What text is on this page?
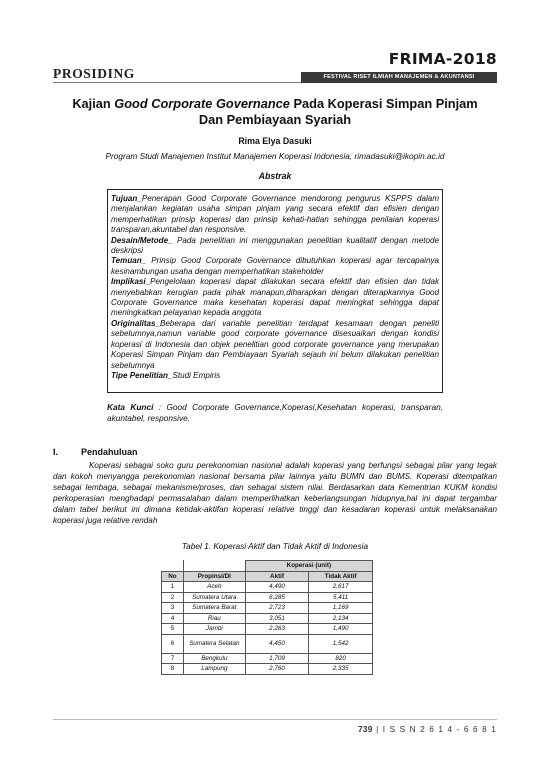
PROSIDING
FRIMA-2018
FESTIVAL RISET ILMIAH MANAJEMEN & AKUNTANSI
Kajian Good Corporate Governance Pada Koperasi Simpan Pinjam
Dan Pembiayaan Syariah
Rima Elya Dasuki
Program Studi Manajemen Institut Manajemen Koperasi Indonesia, rimadasuki@ikopin.ac.id
Abstrak

Tujuan_Penerapan Good Corporate Governance mendorong pengurus KSPPS dalam menjalankan kegiatan usaha simpan pinjam yang secara efektif dan efisien dengan memperhatikan prinsip koperasi dan prinsip kehati-hatian sehingga penilaian koperasi transparan,akuntabel dan responsive.

Desain/Metode_ Pada penelitian ini menggunakan penelitian kualitatif dengan metode deskripsi

Temuan_ Prinsip Good Corporate Governance dibutuhkan koperasi agar tercapainya kesinambungan usaha dengan memperhatikan stakeholder

Implikasi_Pengelolaan koperasi dapat dilakukan secara efektif dan efisien dan tidak menyebabkan kerugian pada pihak manapun,diharapkan dengan diterapkannya Good Corporate Governance maka kesehatan koperasi dapat meningkat sehingga dapat meningkatkan pelayanan kepada anggota

Originalitas_Beberapa dari variable penelitian terdapat kesamaan dengan peneliti sebelumnya,namun variable good corporate governance disesuaikan dengan kondisi koperasi di Indonesia dan objek penelitian good corporate governance yang merupakan Koperasi Simpan Pinjam dan Pembiayaan Syariah sejauh ini belum dilakukan penelitian sebelumnya

Tipe Penelitian_Studi Empiris

Kata Kunci : Good Corporate Governance,Koperasi,Kesehatan koperasi, transparan, akuntabel, responsive.
I.	Pendahuluan

Koperasi sebagai soko guru perekonomian nasional adalah koperasi yang berfungsi sebagai pilar yang tegak dan kokoh menyangga perekonomian nasional bersama pilar lainnya yaitu BUMN dan BUMS. Koperasi ditempatkan sebagai lembaga, sebagai mekanisme/proses, dan sebagai sistem nilai. Berdasarkan data Kementrian KUKM kondisi perkoperasian menghadapi permasalahan dalam memperlihatkan keberlangsungan hidupnya,hal ini dapat tergambar dalam tabel berikut ini dimana ketidak-aktifan koperasi relative tinggi dan kesadaran koperasi untuk melaksanakan koperasi juga relative rendah

Tabel 1. Koperasi Aktif dan Tidak Aktif di Indonesia
		Koperasi (unit)	
No	Propinsi/DI	Aktif	Tidak Aktif
1	Aceh	4,490	2,617
2	Sumatera Utara	6,285	5,411
3	Sumatera Barat	2,723	1,169
4	Riau	3,051	2,134
5	Jambi	2,263	1,490
6	Sumatera Selatan	4,450	1,542
7	Bengkulu	1,709	820
8	Lampung	2,760	2,335
739 | I S S N 2 6 1 4 - 6 6 8 1
